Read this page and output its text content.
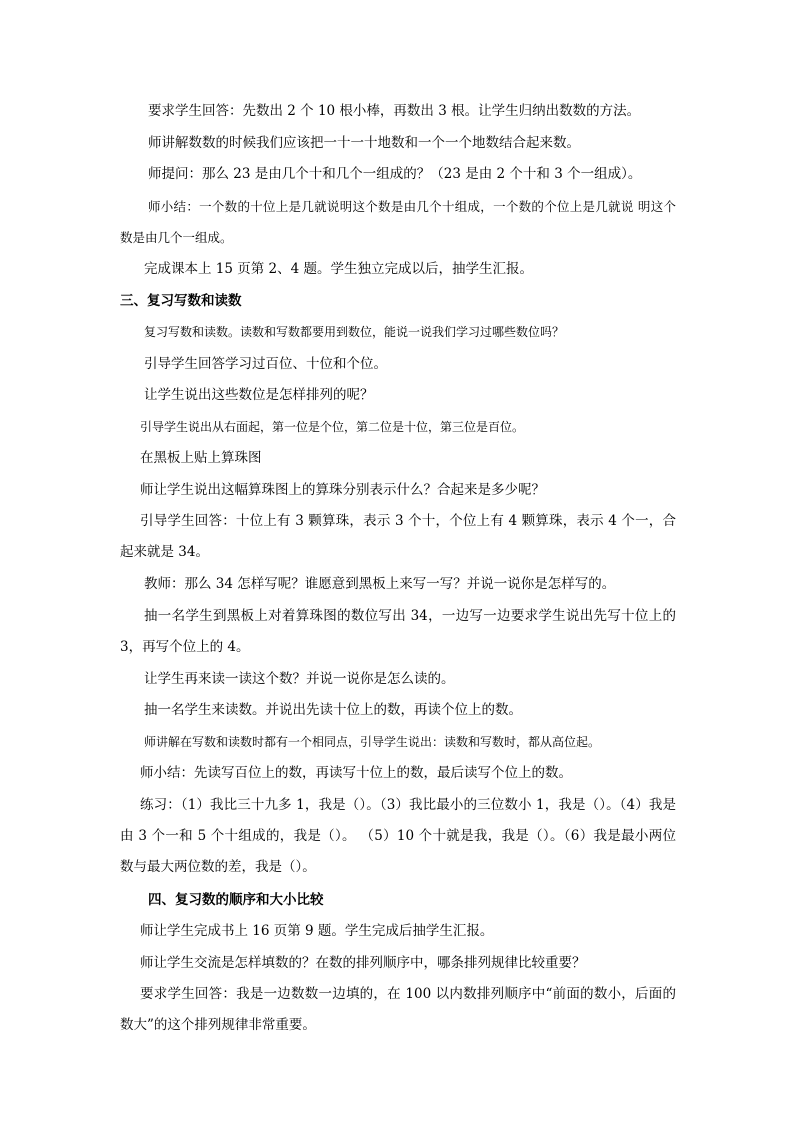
要求学生回答：先数出 2 个 10 根小棒，再数出 3 根。让学生归纳出数数的方法。

师讲解数数的时候我们应该把一十一十地数和一个一个地数结合起来数。

师提问：那么 23 是由几个十和几个一组成的？（23 是由 2 个十和 3 个一组成）。

师小结：一个数的十位上是几就说明这个数是由几个十组成，一个数的个位上是几就说 明这个数是由几个一组成。

完成课本上 15 页第 2、4 题。学生独立完成以后，抽学生汇报。

三、复习写数和读数

复习写数和读数。读数和写数都要用到数位，能说一说我们学习过哪些数位吗？

引导学生回答学习过百位、十位和个位。

让学生说出这些数位是怎样排列的呢？

引导学生说出从右面起，第一位是个位，第二位是十位，第三位是百位。

在黑板上贴上算珠图

师让学生说出这幅算珠图上的算珠分别表示什么？合起来是多少呢？

引导学生回答：十位上有 3 颗算珠，表示 3 个十，个位上有 4 颗算珠，表示 4 个一，合起来就是 34。

教师：那么 34 怎样写呢？谁愿意到黑板上来写一写？并说一说你是怎样写的。

抽一名学生到黑板上对着算珠图的数位写出 34，一边写一边要求学生说出先写十位上的 3，再写个位上的 4。

让学生再来读一读这个数？并说一说你是怎么读的。

抽一名学生来读数。并说出先读十位上的数，再读个位上的数。

师讲解在写数和读数时都有一个相同点，引导学生说出：读数和写数时，都从高位起。

师小结：先读写百位上的数，再读写十位上的数，最后读写个位上的数。

练习：（1）我比三十九多 1，我是（）。（3）我比最小的三位数小 1，我是（）。（4）我是由 3 个一和 5 个十组成的，我是（）。 （5）10 个十就是我，我是（）。（6）我是最小两位数与最大两位数的差，我是（）。

四、复习数的顺序和大小比较

师让学生完成书上 16 页第 9 题。学生完成后抽学生汇报。

师让学生交流是怎样填数的？在数的排列顺序中，哪条排列规律比较重要？

要求学生回答：我是一边数数一边填的，在 100 以内数排列顺序中“前面的数小，后面的数大”的这个排列规律非常重要。
